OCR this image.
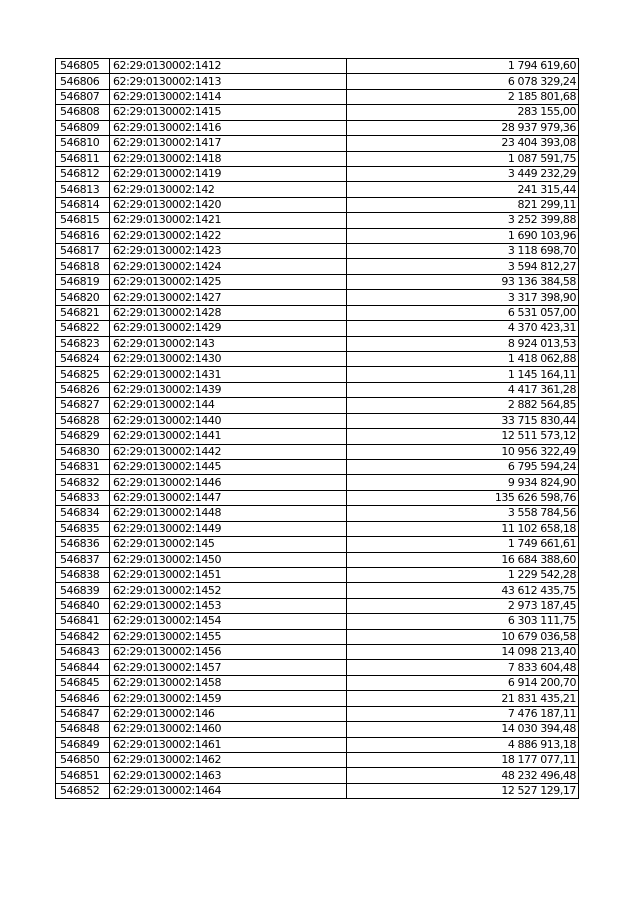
546805	62:29:0130002:1412	1 794 619,60
546806	62:29:0130002:1413	6 078 329,24
546807	62:29:0130002:1414	2 185 801,68
546808	62:29:0130002:1415	283 155,00
546809	62:29:0130002:1416	28 937 979,36
546810	62:29:0130002:1417	23 404 393,08
546811	62:29:0130002:1418	1 087 591,75
546812	62:29:0130002:1419	3 449 232,29
546813	62:29:0130002:142	241 315,44
546814	62:29:0130002:1420	821 299,11
546815	62:29:0130002:1421	3 252 399,88
546816	62:29:0130002:1422	1 690 103,96
546817	62:29:0130002:1423	3 118 698,70
546818	62:29:0130002:1424	3 594 812,27
546819	62:29:0130002:1425	93 136 384,58
546820	62:29:0130002:1427	3 317 398,90
546821	62:29:0130002:1428	6 531 057,00
546822	62:29:0130002:1429	4 370 423,31
546823	62:29:0130002:143	8 924 013,53
546824	62:29:0130002:1430	1 418 062,88
546825	62:29:0130002:1431	1 145 164,11
546826	62:29:0130002:1439	4 417 361,28
546827	62:29:0130002:144	2 882 564,85
546828	62:29:0130002:1440	33 715 830,44
546829	62:29:0130002:1441	12 511 573,12
546830	62:29:0130002:1442	10 956 322,49
546831	62:29:0130002:1445	6 795 594,24
546832	62:29:0130002:1446	9 934 824,90
546833	62:29:0130002:1447	135 626 598,76
546834	62:29:0130002:1448	3 558 784,56
546835	62:29:0130002:1449	11 102 658,18
546836	62:29:0130002:145	1 749 661,61
546837	62:29:0130002:1450	16 684 388,60
546838	62:29:0130002:1451	1 229 542,28
546839	62:29:0130002:1452	43 612 435,75
546840	62:29:0130002:1453	2 973 187,45
546841	62:29:0130002:1454	6 303 111,75
546842	62:29:0130002:1455	10 679 036,58
546843	62:29:0130002:1456	14 098 213,40
546844	62:29:0130002:1457	7 833 604,48
546845	62:29:0130002:1458	6 914 200,70
546846	62:29:0130002:1459	21 831 435,21
546847	62:29:0130002:146	7 476 187,11
546848	62:29:0130002:1460	14 030 394,48
546849	62:29:0130002:1461	4 886 913,18
546850	62:29:0130002:1462	18 177 077,11
546851	62:29:0130002:1463	48 232 496,48
546852	62:29:0130002:1464	12 527 129,17
